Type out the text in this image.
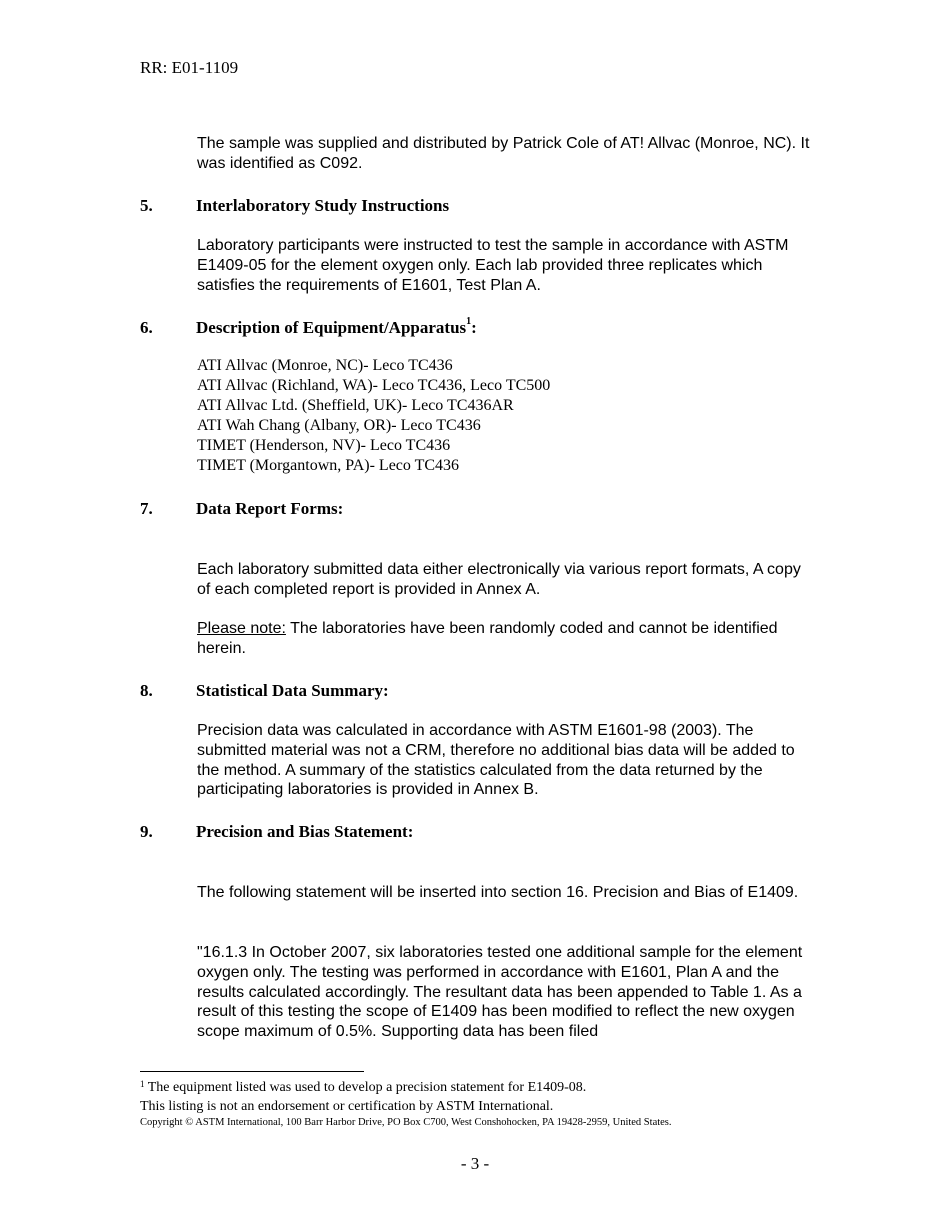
RR: E01-1109
The sample was supplied and distributed by Patrick Cole of AT! Allvac (Monroe, NC). It was identified as C092.
5.	Interlaboratory Study Instructions
Laboratory participants were instructed to test the sample in accordance with ASTM E1409-05 for the element oxygen only. Each lab provided three replicates which satisfies the requirements of E1601, Test Plan A.
6.	Description of Equipment/Apparatus$^1$:
ATI Allvac (Monroe, NC)- Leco TC436
ATI Allvac (Richland, WA)- Leco TC436, Leco TC500
ATI Allvac Ltd. (Sheffield, UK)- Leco TC436AR
ATI Wah Chang (Albany, OR)- Leco TC436
TIMET (Henderson, NV)- Leco TC436
TIMET (Morgantown, PA)- Leco TC436
7.	Data Report Forms:
Each laboratory submitted data either electronically via various report formats, A copy of each completed report is provided in Annex A.
Please note: The laboratories have been randomly coded and cannot be identified herein.
8.	Statistical Data Summary:
Precision data was calculated in accordance with ASTM E1601-98 (2003). The submitted material was not a CRM, therefore no additional bias data will be added to the method. A summary of the statistics calculated from the data returned by the participating laboratories is provided in Annex B.
9.	Precision and Bias Statement:
The following statement will be inserted into section 16. Precision and Bias of E1409.
"16.1.3 In October 2007, six laboratories tested one additional sample for the element oxygen only. The testing was performed in accordance with E1601, Plan A and the results calculated accordingly. The resultant data has been appended to Table 1. As a result of this testing the scope of E1409 has been modified to reflect the new oxygen scope maximum of 0.5%. Supporting data has been filed
$^1$ The equipment listed was used to develop a precision statement for E1409-08.
This listing is not an endorsement or certification by ASTM International.
Copyright © ASTM International, 100 Barr Harbor Drive, PO Box C700, West Conshohocken, PA 19428-2959, United States.
- 3 -
